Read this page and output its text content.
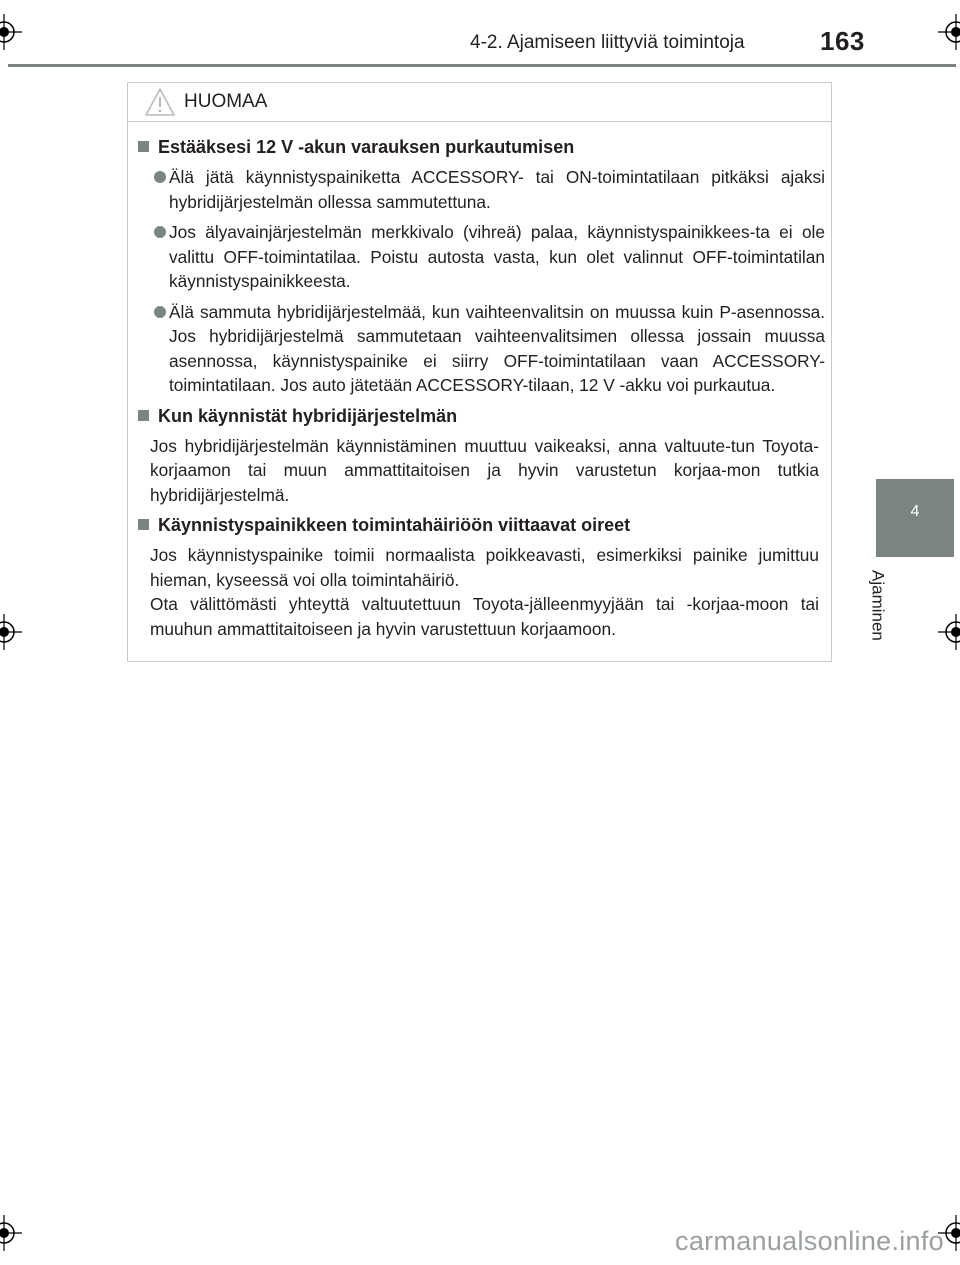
4-2. Ajamiseen liittyviä toimintoja	163
4
Ajaminen
HUOMAA
Estääksesi 12 V -akun varauksen purkautumisen
Älä jätä käynnistyspainiketta ACCESSORY- tai ON-toimintatilaan pitkäksi ajaksi hybridijärjestelmän ollessa sammutettuna.
Jos älyavainjärjestelmän merkkivalo (vihreä) palaa, käynnistyspainikkees-ta ei ole valittu OFF-toimintatilaa. Poistu autosta vasta, kun olet valinnut OFF-toimintatilan käynnistyspainikkeesta.
Älä sammuta hybridijärjestelmää, kun vaihteenvalitsin on muussa kuin P-asennossa. Jos hybridijärjestelmä sammutetaan vaihteenvalitsimen ollessa jossain muussa asennossa, käynnistyspainike ei siirry OFF-toimintatilaan vaan ACCESSORY-toimintatilaan. Jos auto jätetään ACCESSORY-tilaan, 12 V -akku voi purkautua.
Kun käynnistät hybridijärjestelmän

Jos hybridijärjestelmän käynnistäminen muuttuu vaikeaksi, anna valtuute-tun Toyota-korjaamon tai muun ammattitaitoisen ja hyvin varustetun korjaa-mon tutkia hybridijärjestelmä.

Käynnistyspainikkeen toimintahäiriöön viittaavat oireet

Jos käynnistyspainike toimii normaalista poikkeavasti, esimerkiksi painike jumittuu hieman, kyseessä voi olla toimintahäiriö.

Ota välittömästi yhteyttä valtuutettuun Toyota-jälleenmyyjään tai -korjaa-moon tai muuhun ammattitaitoiseen ja hyvin varustettuun korjaamoon.

carmanualsonline.info
